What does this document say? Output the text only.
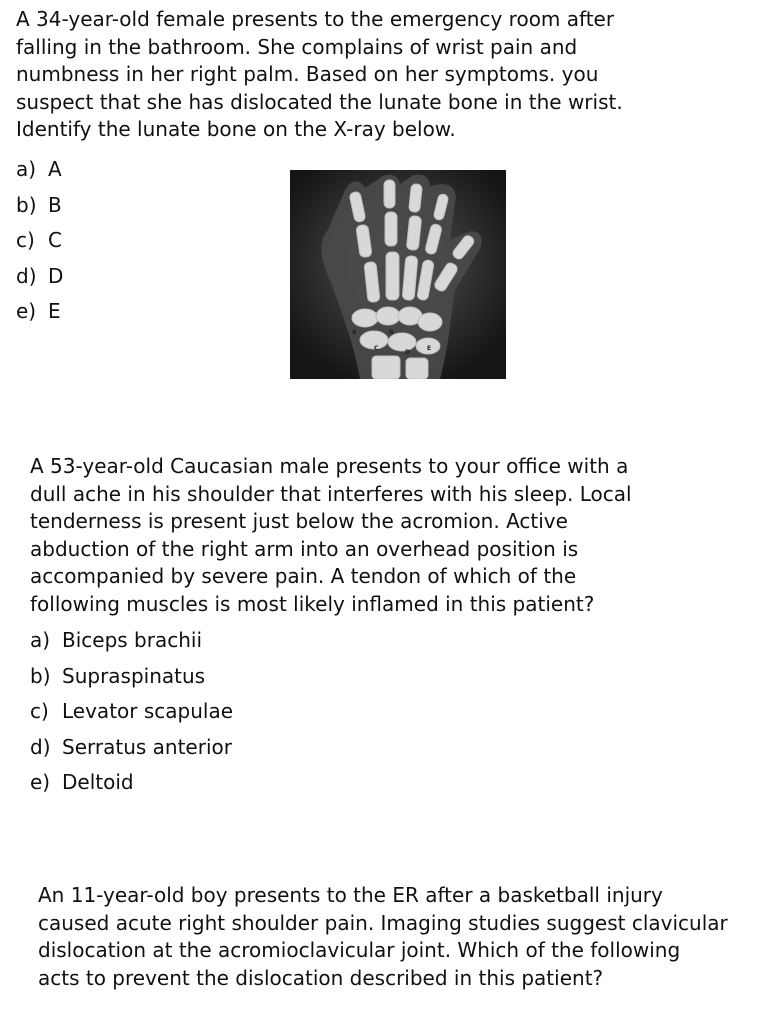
A 34-year-old female presents to the emergency room after falling in the bathroom. She complains of wrist pain and numbness in her right palm. Based on her symptoms. you suspect that she has dislocated the lunate bone in the wrist. Identify the lunate bone on the X-ray below.

a) A
b) B
c) C
d) D
e) E
A	B
C
D
E

A 53-year-old Caucasian male presents to your office with a dull ache in his shoulder that interferes with his sleep. Local tenderness is present just below the acromion. Active abduction of the right arm into an overhead position is accompanied by severe pain. A tendon of which of the following muscles is most likely inflamed in this patient?

a) Biceps brachii
b) Supraspinatus
c) Levator scapulae
d) Serratus anterior
e) Deltoid

An 11-year-old boy presents to the ER after a basketball injury caused acute right shoulder pain. Imaging studies suggest clavicular dislocation at the acromioclavicular joint. Which of the following acts to prevent the dislocation described in this patient?
